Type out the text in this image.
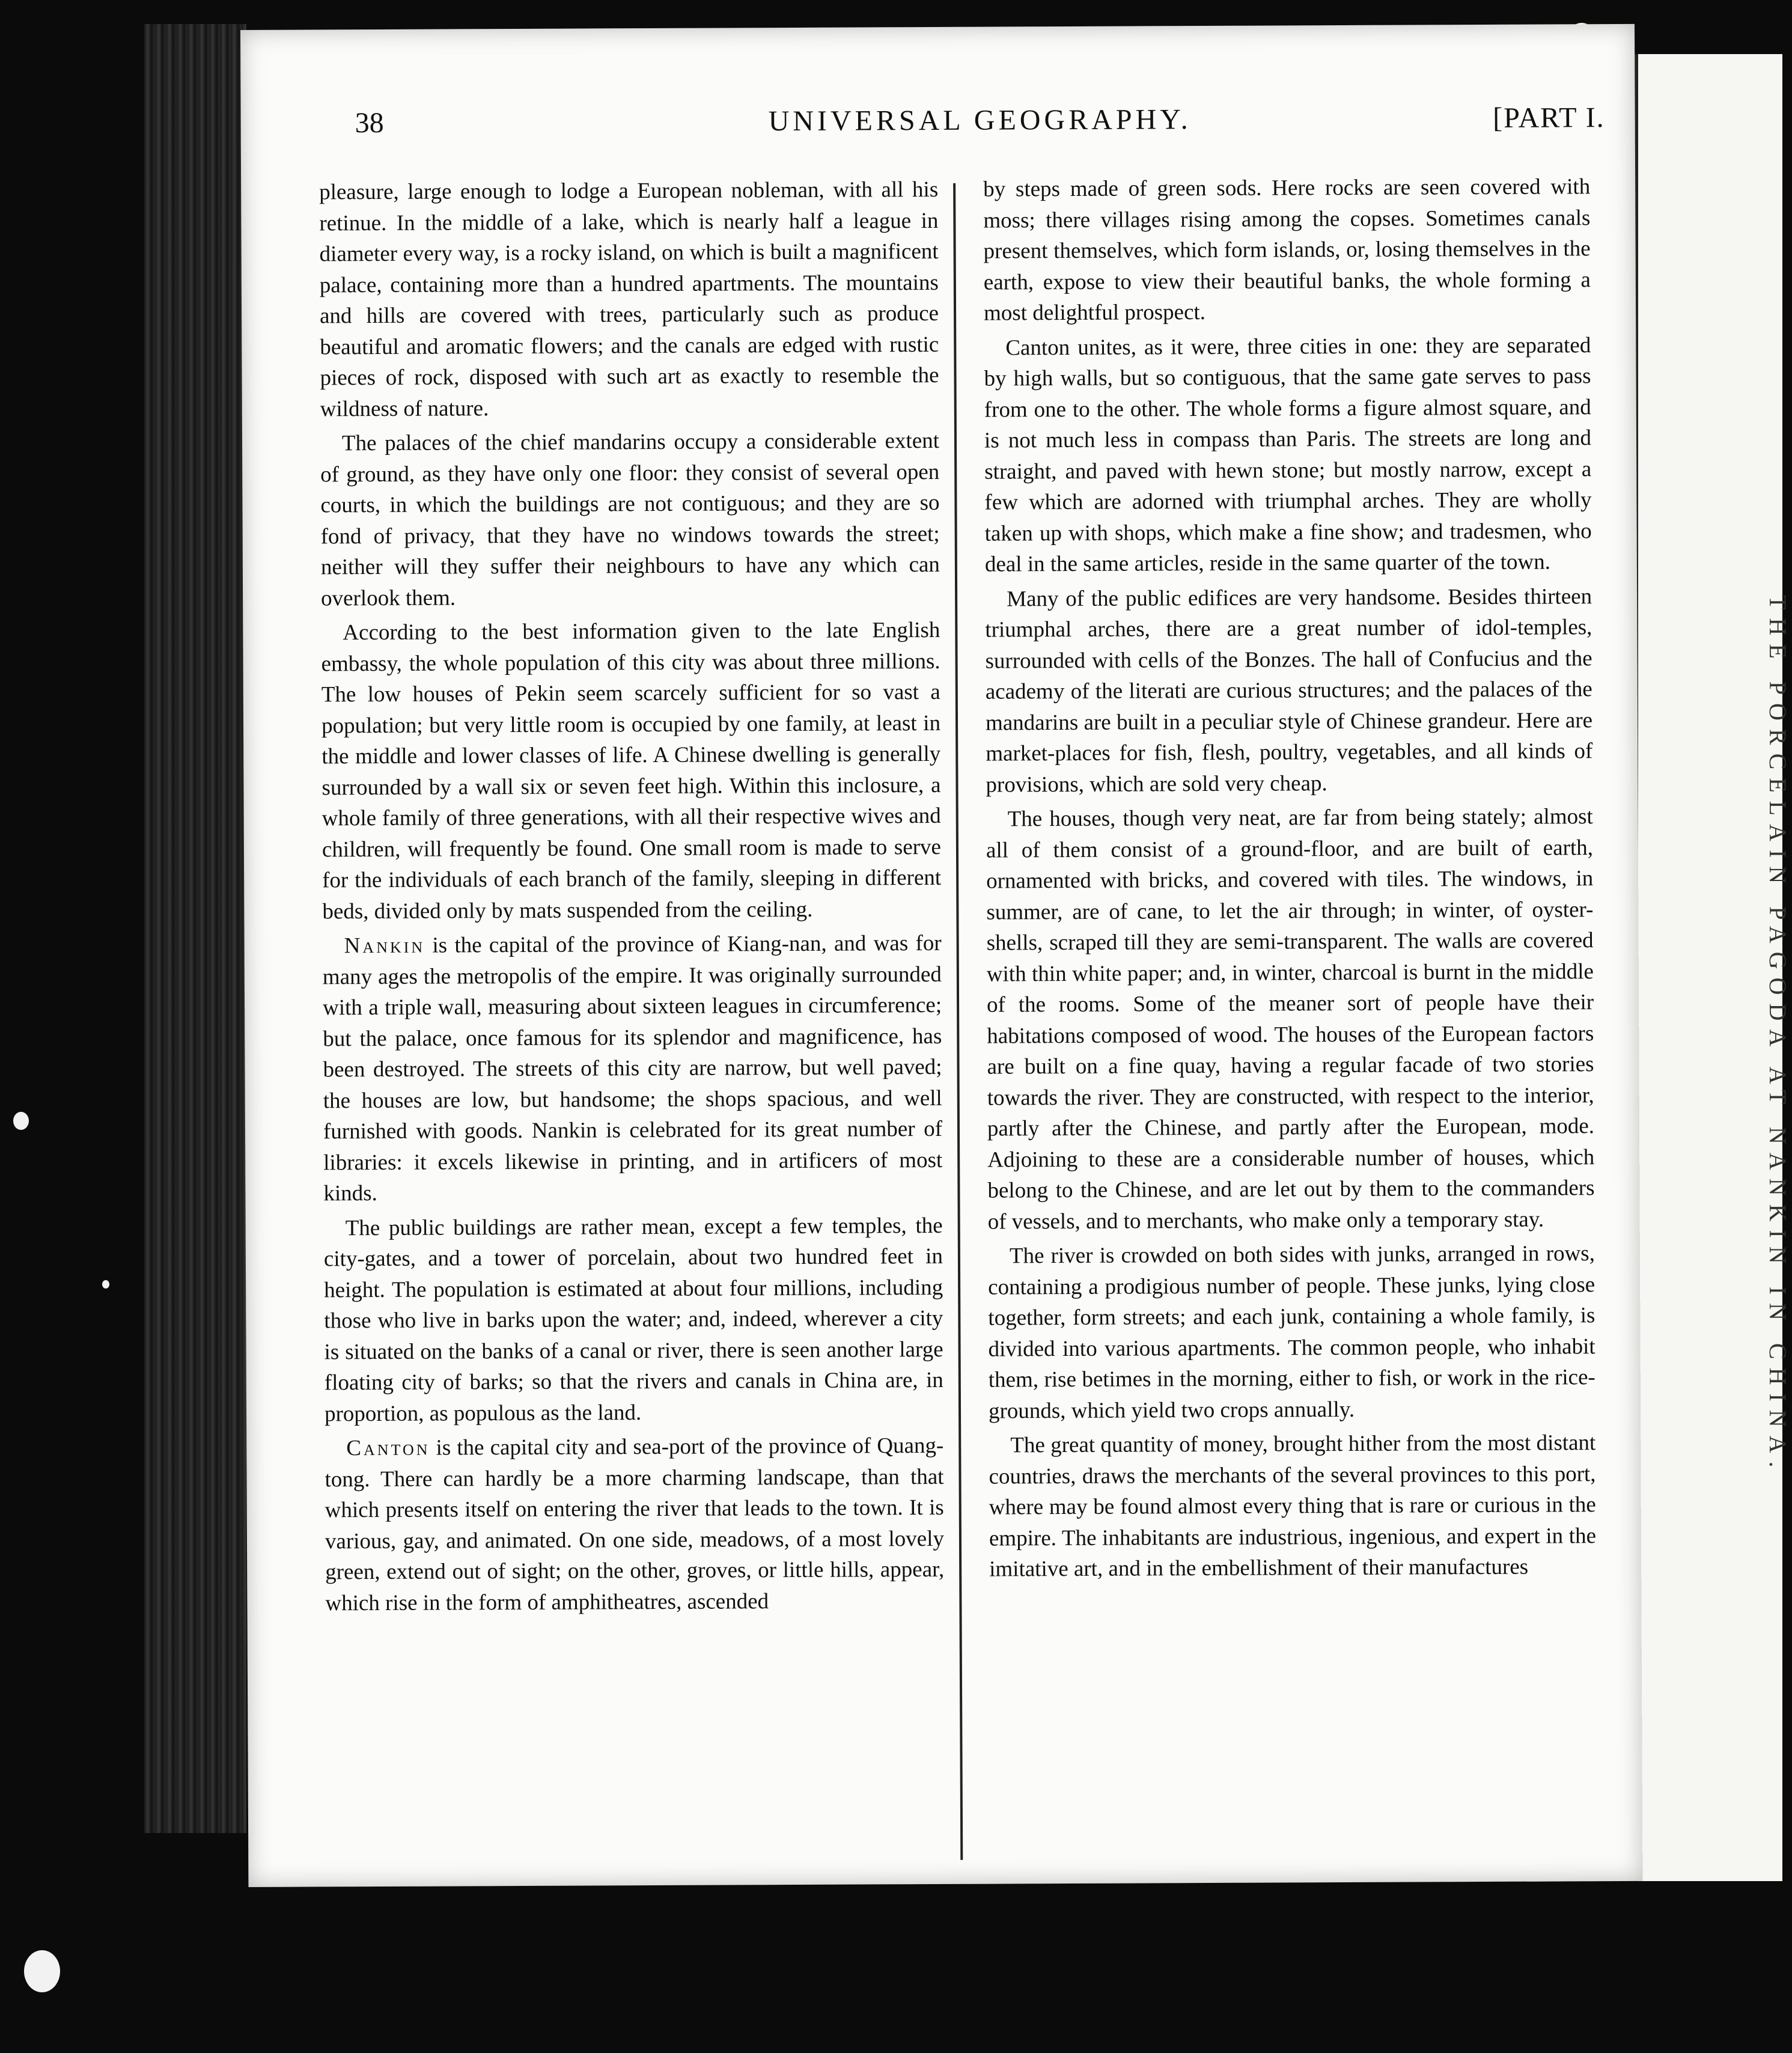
THE PORCELAIN PAGODA AT NANKIN IN CHINA.
38	UNIVERSAL GEOGRAPHY.	[PART I.

pleasure, large enough to lodge a European nobleman, with all his retinue. In the middle of a lake, which is nearly half a league in diameter every way, is a rocky island, on which is built a magnificent palace, containing more than a hundred apartments. The mountains and hills are covered with trees, particularly such as produce beautiful and aromatic flowers; and the canals are edged with rustic pieces of rock, disposed with such art as exactly to resemble the wildness of nature.

The palaces of the chief mandarins occupy a considerable extent of ground, as they have only one floor: they consist of several open courts, in which the buildings are not contiguous; and they are so fond of privacy, that they have no windows towards the street; neither will they suffer their neighbours to have any which can overlook them.

According to the best information given to the late English embassy, the whole population of this city was about three millions. The low houses of Pekin seem scarcely sufficient for so vast a population; but very little room is occupied by one family, at least in the middle and lower classes of life. A Chinese dwelling is generally surrounded by a wall six or seven feet high. Within this inclosure, a whole family of three generations, with all their respective wives and children, will frequently be found. One small room is made to serve for the individuals of each branch of the family, sleeping in different beds, divided only by mats suspended from the ceiling.

Nankin is the capital of the province of Kiang-nan, and was for many ages the metropolis of the empire. It was originally surrounded with a triple wall, measuring about sixteen leagues in circumference; but the palace, once famous for its splendor and magnificence, has been destroyed. The streets of this city are narrow, but well paved; the houses are low, but handsome; the shops spacious, and well furnished with goods. Nankin is celebrated for its great number of libraries: it excels likewise in printing, and in artificers of most kinds.

The public buildings are rather mean, except a few temples, the city-gates, and a tower of porcelain, about two hundred feet in height. The population is estimated at about four millions, including those who live in barks upon the water; and, indeed, wherever a city is situated on the banks of a canal or river, there is seen another large floating city of barks; so that the rivers and canals in China are, in proportion, as populous as the land.

Canton is the capital city and sea-port of the province of Quang-tong. There can hardly be a more charming landscape, than that which presents itself on entering the river that leads to the town. It is various, gay, and animated. On one side, meadows, of a most lovely green, extend out of sight; on the other, groves, or little hills, appear, which rise in the form of amphitheatres, ascended

by steps made of green sods. Here rocks are seen covered with moss; there villages rising among the copses. Sometimes canals present themselves, which form islands, or, losing themselves in the earth, expose to view their beautiful banks, the whole forming a most delightful prospect.

Canton unites, as it were, three cities in one: they are separated by high walls, but so contiguous, that the same gate serves to pass from one to the other. The whole forms a figure almost square, and is not much less in compass than Paris. The streets are long and straight, and paved with hewn stone; but mostly narrow, except a few which are adorned with triumphal arches. They are wholly taken up with shops, which make a fine show; and tradesmen, who deal in the same articles, reside in the same quarter of the town.

Many of the public edifices are very handsome. Besides thirteen triumphal arches, there are a great number of idol-temples, surrounded with cells of the Bonzes. The hall of Confucius and the academy of the literati are curious structures; and the palaces of the mandarins are built in a peculiar style of Chinese grandeur. Here are market-places for fish, flesh, poultry, vegetables, and all kinds of provisions, which are sold very cheap.

The houses, though very neat, are far from being stately; almost all of them consist of a ground-floor, and are built of earth, ornamented with bricks, and covered with tiles. The windows, in summer, are of cane, to let the air through; in winter, of oyster-shells, scraped till they are semi-transparent. The walls are covered with thin white paper; and, in winter, charcoal is burnt in the middle of the rooms. Some of the meaner sort of people have their habitations composed of wood. The houses of the European factors are built on a fine quay, having a regular facade of two stories towards the river. They are constructed, with respect to the interior, partly after the Chinese, and partly after the European, mode. Adjoining to these are a considerable number of houses, which belong to the Chinese, and are let out by them to the commanders of vessels, and to merchants, who make only a temporary stay.

The river is crowded on both sides with junks, arranged in rows, containing a prodigious number of people. These junks, lying close together, form streets; and each junk, containing a whole family, is divided into various apartments. The common people, who inhabit them, rise betimes in the morning, either to fish, or work in the rice-grounds, which yield two crops annually.

The great quantity of money, brought hither from the most distant countries, draws the merchants of the several provinces to this port, where may be found almost every thing that is rare or curious in the empire. The inhabitants are industrious, ingenious, and expert in the imitative art, and in the embellishment of their manufactures
